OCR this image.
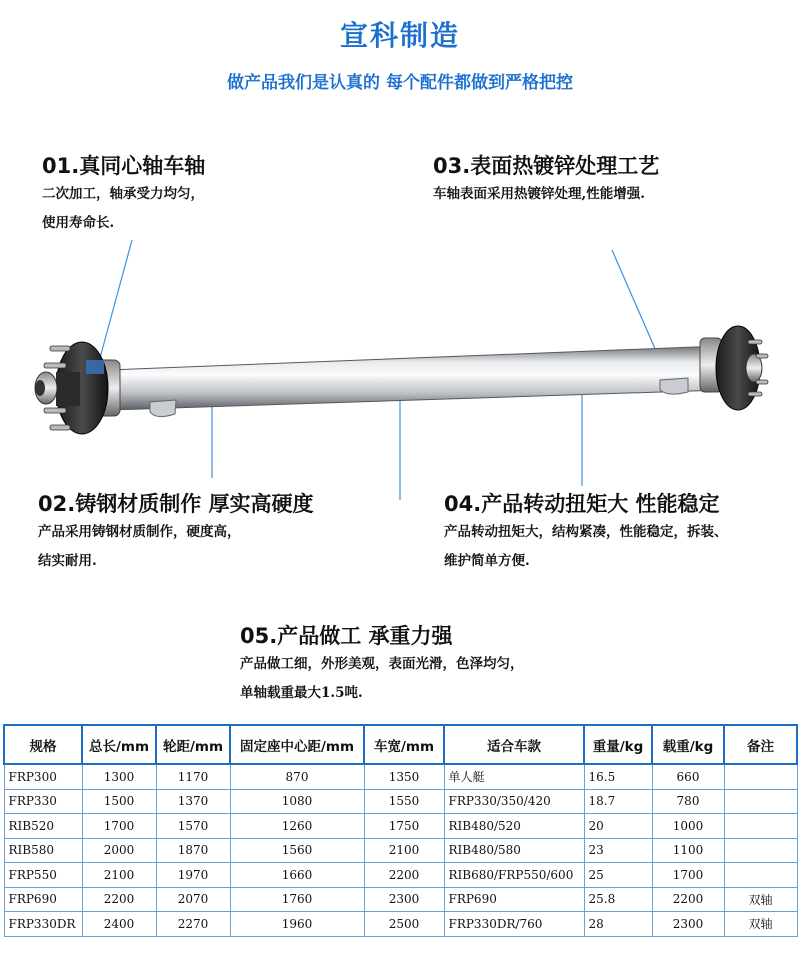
宣科制造
做产品我们是认真的 每个配件都做到严格把控
01.真同心轴车轴

二次加工，轴承受力均匀，

使用寿命长.

03.表面热镀锌处理工艺

车轴表面采用热镀锌处理,性能增强.

02.铸钢材质制作 厚实高硬度

产品采用铸钢材质制作，硬度高，

结实耐用.

04.产品转动扭矩大 性能稳定

产品转动扭矩大，结构紧凑，性能稳定，拆装、

维护简单方便.

05.产品做工 承重力强

产品做工细，外形美观，表面光滑，色泽均匀，

单轴载重最大1.5吨.

规格	总长/mm	轮距/mm	固定座中心距/mm	车宽/mm	适合车款	重量/kg	载重/kg	备注
FRP300	1300	1170	870	1350	单人艇	16.5	660	
FRP330	1500	1370	1080	1550	FRP330/350/420	18.7	780	
RIB520	1700	1570	1260	1750	RIB480/520	20	1000	
RIB580	2000	1870	1560	2100	RIB480/580	23	1100	
FRP550	2100	1970	1660	2200	RIB680/FRP550/600	25	1700	
FRP690	2200	2070	1760	2300	FRP690	25.8	2200	双轴
FRP330DR	2400	2270	1960	2500	FRP330DR/760	28	2300	双轴
